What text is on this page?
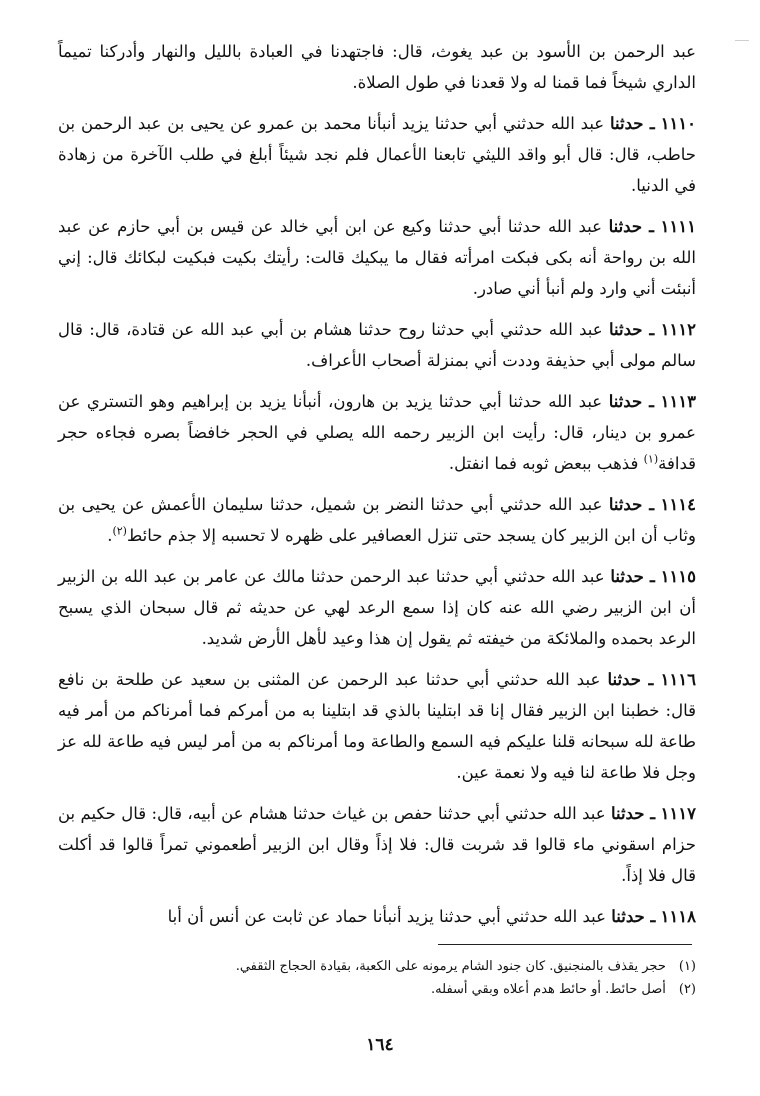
عبد الرحمن بن الأسود بن عبد يغوث، قال: فاجتهدنا في العبادة بالليل والنهار وأدركنا تميماً الداري شيخاً فما قمنا له ولا قعدنا في طول الصلاة.

١١١٠ ـ حدثنا عبد الله حدثني أبي حدثنا يزيد أنبأنا محمد بن عمرو عن يحيى بن عبد الرحمن بن حاطب، قال: قال أبو واقد الليثي تابعنا الأعمال فلم نجد شيئاً أبلغ في طلب الآخرة من زهادة في الدنيا.

١١١١ ـ حدثنا عبد الله حدثنا أبي حدثنا وكيع عن ابن أبي خالد عن قيس بن أبي حازم عن عبد الله بن رواحة أنه بكى فبكت امرأته فقال ما يبكيك قالت: رأيتك بكيت فبكيت لبكائك قال: إني أنبئت أني وارد ولم أنبأ أني صادر.

١١١٢ ـ حدثنا عبد الله حدثني أبي حدثنا روح حدثنا هشام بن أبي عبد الله عن قتادة، قال: قال سالم مولى أبي حذيفة وددت أني بمنزلة أصحاب الأعراف.

١١١٣ ـ حدثنا عبد الله حدثنا أبي حدثنا يزيد بن هارون، أنبأنا يزيد بن إبراهيم وهو التستري عن عمرو بن دينار، قال: رأيت ابن الزبير رحمه الله يصلي في الحجر خافضاً بصره فجاءه حجر قدافة$^{(١)}$ فذهب ببعض ثوبه فما انفتل.

١١١٤ ـ حدثنا عبد الله حدثني أبي حدثنا النضر بن شميل، حدثنا سليمان الأعمش عن يحيى بن وثاب أن ابن الزبير كان يسجد حتى تنزل العصافير على ظهره لا تحسبه إلا جذم حائط$^{(٢)}$.

١١١٥ ـ حدثنا عبد الله حدثني أبي حدثنا عبد الرحمن حدثنا مالك عن عامر بن عبد الله بن الزبير أن ابن الزبير رضي الله عنه كان إذا سمع الرعد لهي عن حديثه ثم قال سبحان الذي يسبح الرعد بحمده والملائكة من خيفته ثم يقول إن هذا وعيد لأهل الأرض شديد.

١١١٦ ـ حدثنا عبد الله حدثني أبي حدثنا عبد الرحمن عن المثنى بن سعيد عن طلحة بن نافع قال: خطبنا ابن الزبير فقال إنا قد ابتلينا بالذي قد ابتلينا به من أمركم فما أمرناكم من أمر فيه طاعة لله سبحانه قلنا عليكم فيه السمع والطاعة وما أمرناكم به من أمر ليس فيه طاعة لله عز وجل فلا طاعة لنا فيه ولا نعمة عين.

١١١٧ ـ حدثنا عبد الله حدثني أبي حدثنا حفص بن غياث حدثنا هشام عن أبيه، قال: قال حكيم بن حزام اسقوني ماء قالوا قد شربت قال: فلا إذاً وقال ابن الزبير أطعموني تمراً قالوا قد أكلت قال فلا إذاً.

١١١٨ ـ حدثنا عبد الله حدثني أبي حدثنا يزيد أنبأنا حماد عن ثابت عن أنس أن أبا

(١) حجر يقذف بالمنجنيق. كان جنود الشام يرمونه على الكعبة، بقيادة الحجاج الثقفي.

(٢) أصل حائط. أو حائط هدم أعلاه وبقي أسفله.

١٦٤
